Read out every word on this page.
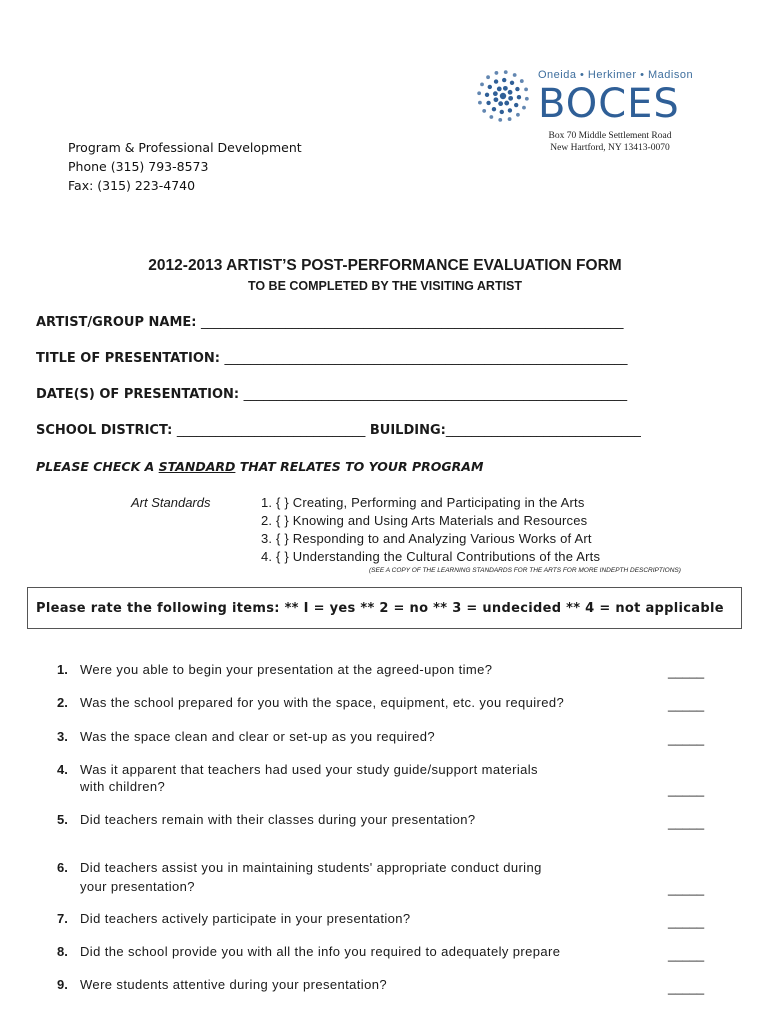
Oneida • Herkimer • Madison
BOCES
Box 70 Middle Settlement Road
New Hartford, NY 13413-0070
Program & Professional Development
Phone (315) 793-8573
Fax: (315) 223-4740
2012-2013 ARTIST’S POST-PERFORMANCE EVALUATION FORM
TO BE COMPLETED BY THE VISITING ARTIST
ARTIST/GROUP NAME: _________________________________________________________________
TITLE OF PRESENTATION: ______________________________________________________________
DATE(S) OF PRESENTATION: ___________________________________________________________
SCHOOL DISTRICT: _____________________________ BUILDING:______________________________
PLEASE CHECK A STANDARD THAT RELATES TO YOUR PROGRAM
Art Standards	1. { } Creating, Performing and Participating in the Arts
2. { } Knowing and Using Arts Materials and Resources
3. { } Responding to and Analyzing Various Works of Art
4. { } Understanding the Cultural Contributions of the Arts
(SEE A COPY OF THE LEARNING STANDARDS FOR THE ARTS FOR MORE INDEPTH DESCRIPTIONS)
Please rate the following items: ** I = yes ** 2 = no ** 3 = undecided ** 4 = not applicable
1. Were you able to begin your presentation at the agreed-upon time?	_____
2. Was the school prepared for you with the space, equipment, etc. you required?	_____
3. Was the space clean and clear or set-up as you required?	_____
4. Was it apparent that teachers had used your study guide/support materials
with children?	_____
5. Did teachers remain with their classes during your presentation?	_____
6. Did teachers assist you in maintaining students' appropriate conduct during
your presentation?	_____
7. Did teachers actively participate in your presentation?	_____
8. Did the school provide you with all the info you required to adequately prepare	_____
9. Were students attentive during your presentation?	_____
